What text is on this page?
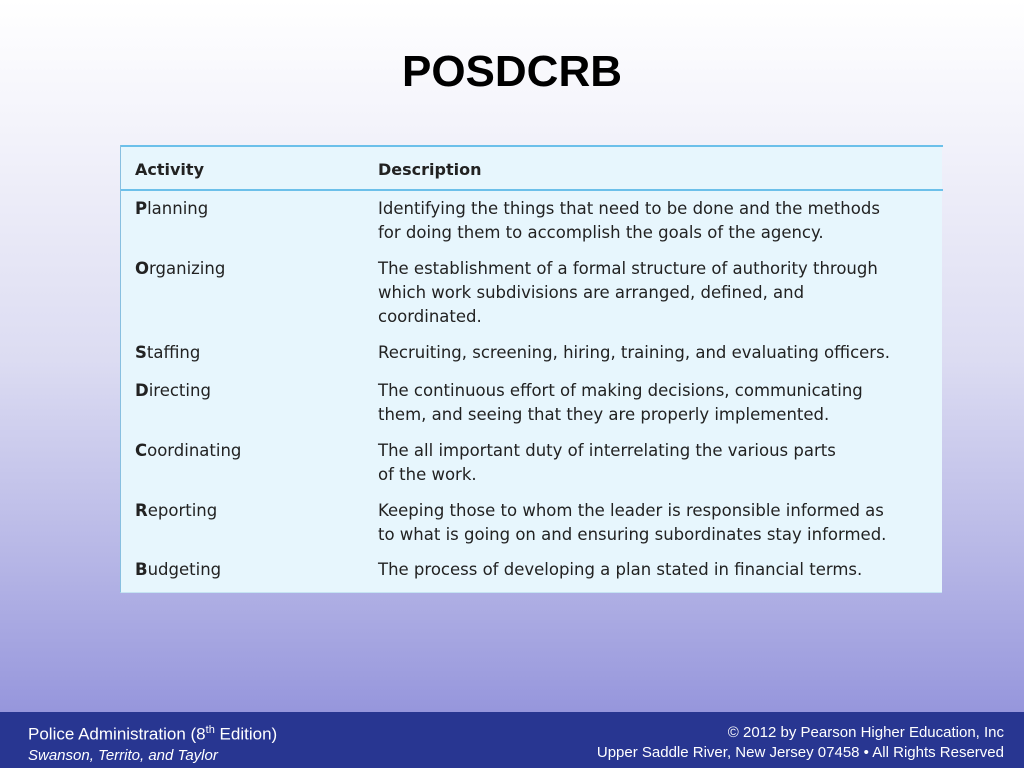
POSDCRB
Activity	Description
Planning	Identifying the things that need to be done and the methods
for doing them to accomplish the goals of the agency.
Organizing	The establishment of a formal structure of authority through
which work subdivisions are arranged, defined, and
coordinated.
Staffing	Recruiting, screening, hiring, training, and evaluating officers.
Directing	The continuous effort of making decisions, communicating
them, and seeing that they are properly implemented.
Coordinating	The all important duty of interrelating the various parts
of the work.
Reporting	Keeping those to whom the leader is responsible informed as
to what is going on and ensuring subordinates stay informed.
Budgeting	The process of developing a plan stated in financial terms.
Police Administration (8th Edition)
Swanson, Territo, and Taylor
© 2012 by Pearson Higher Education, Inc
Upper Saddle River, New Jersey 07458 • All Rights Reserved
